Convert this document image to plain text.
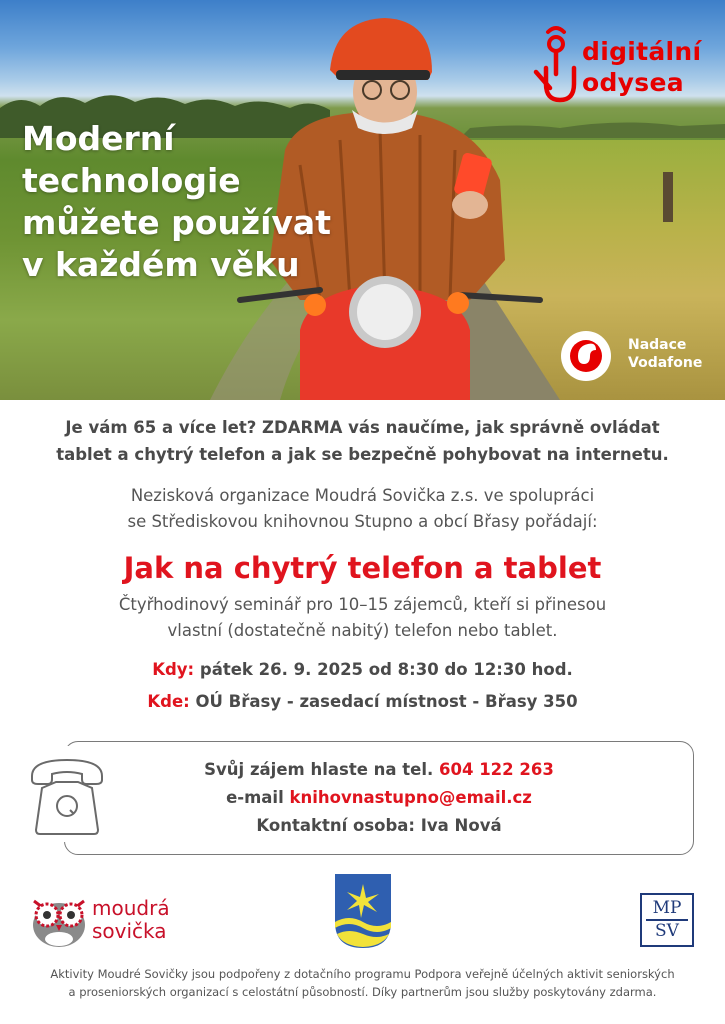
Moderní
technologie
můžete používat
v každém věku
digitální
odysea
Nadace
Vodafone
Je vám 65 a více let? ZDARMA vás naučíme, jak správně ovládat
tablet a chytrý telefon a jak se bezpečně pohybovat na internetu.
Nezisková organizace Moudrá Sovička z.s. ve spolupráci
se Střediskovou knihovnou Stupno a obcí Břasy pořádají:
Jak na chytrý telefon a tablet
Čtyřhodinový seminář pro 10–15 zájemců, kteří si přinesou
vlastní (dostatečně nabitý) telefon nebo tablet.
Kdy: pátek 26. 9. 2025 od 8:30 do 12:30 hod.
Kde: OÚ Břasy - zasedací místnost - Břasy 350
Svůj zájem hlaste na tel. 604 122 263
e-mail knihovnastupno@email.cz
Kontaktní osoba: Iva Nová
moudrá
sovička
MP
SV
Aktivity Moudré Sovičky jsou podpořeny z dotačního programu Podpora veřejně účelných aktivit seniorských
a proseniorských organizací s celostátní působností. Díky partnerům jsou služby poskytovány zdarma.
